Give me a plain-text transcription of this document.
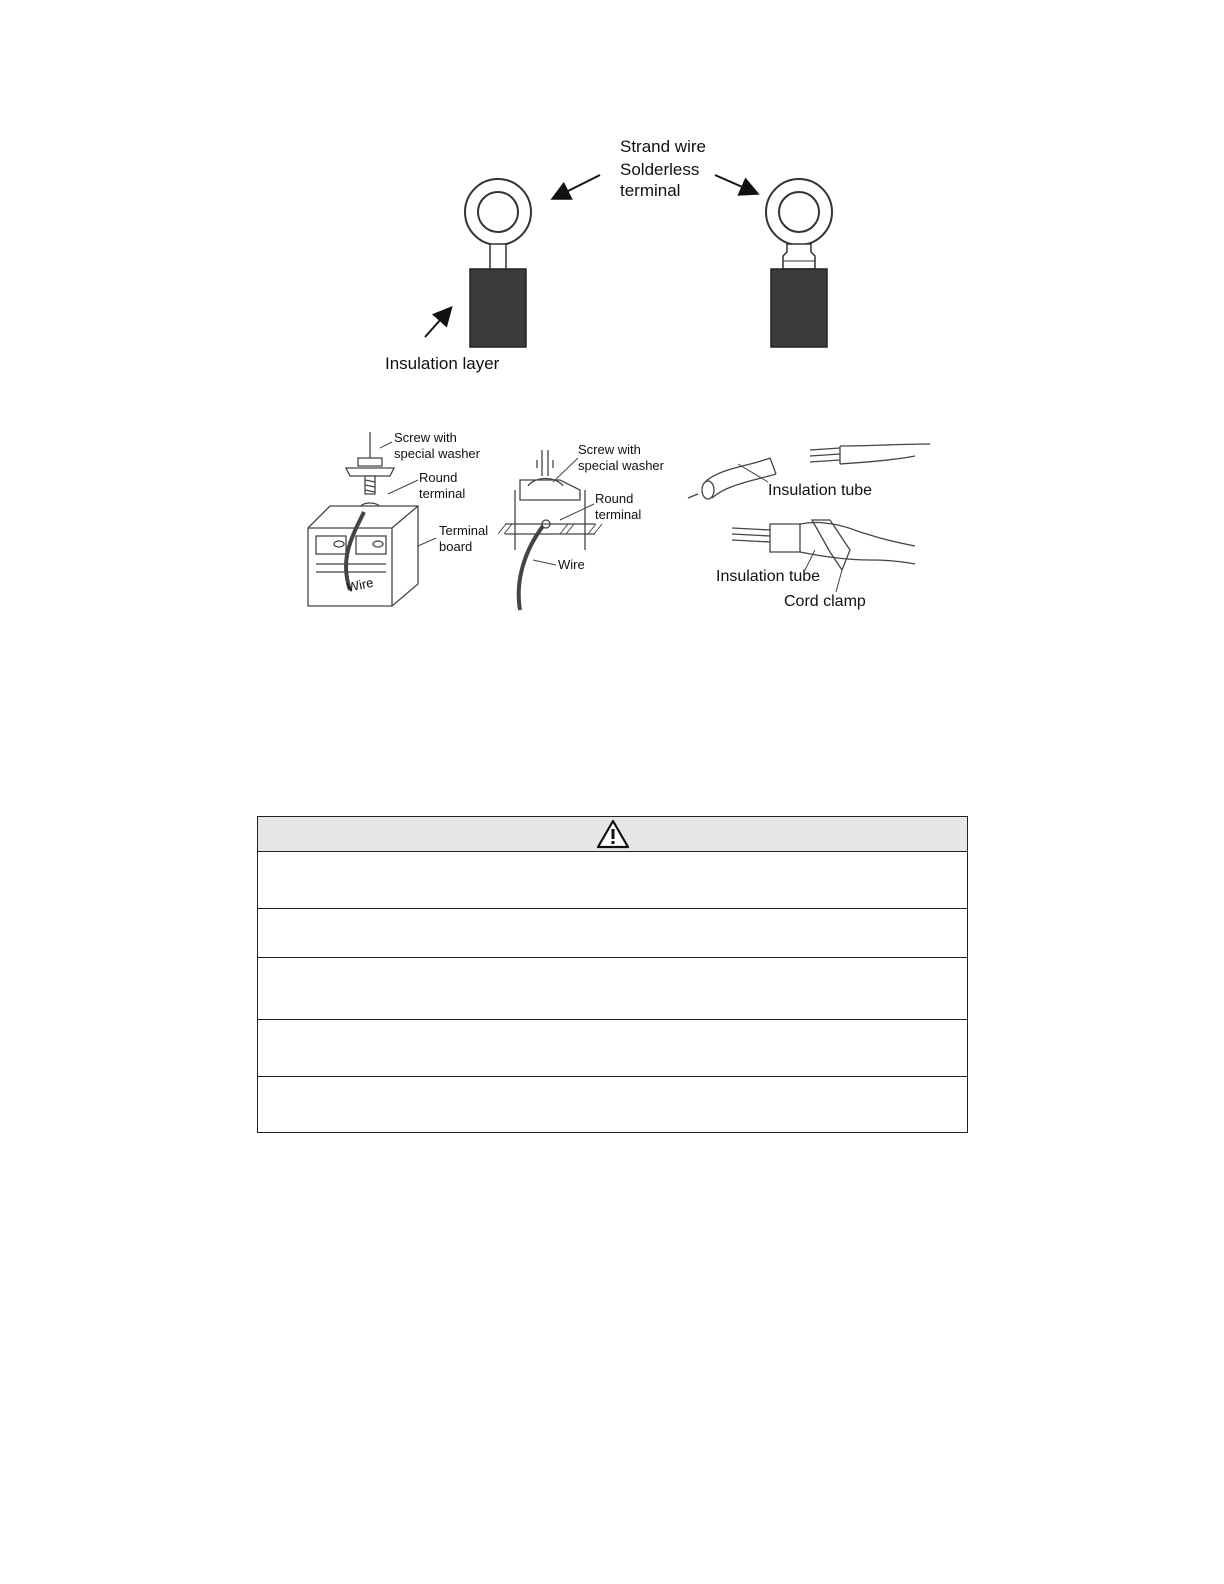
Strand wire
Solderless
terminal
Insulation layer
Screw with
special washer
Round
terminal
Terminal
board
Wire
Screw with
special washer
Round
terminal
Wire
Insulation tube
Insulation tube
Cord clamp
